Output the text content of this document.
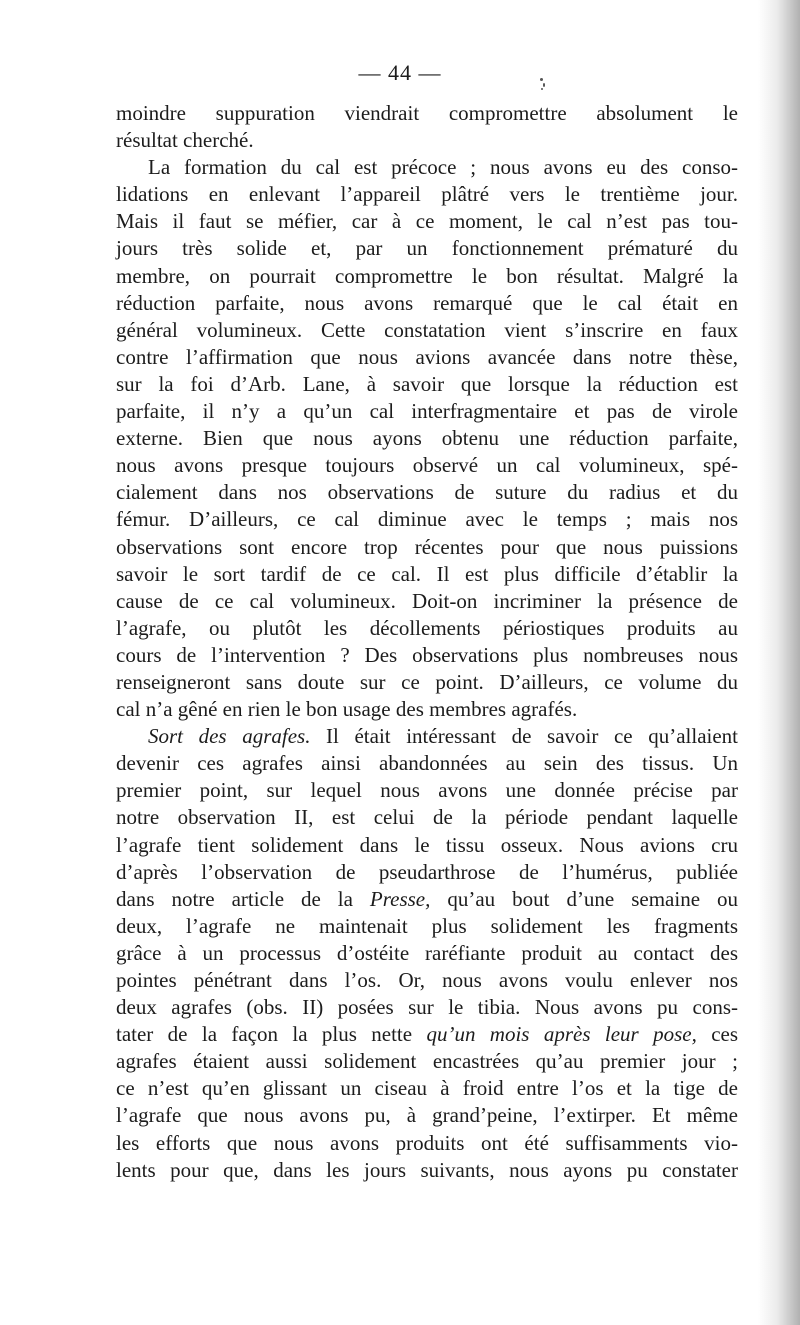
— 44 —
moindre suppuration viendrait compromettre absolument le
résultat cherché.
La formation du cal est précoce ; nous avons eu des conso-
lidations en enlevant l’appareil plâtré vers le trentième jour.
Mais il faut se méfier, car à ce moment, le cal n’est pas tou-
jours très solide et, par un fonctionnement prématuré du
membre, on pourrait compromettre le bon résultat. Malgré la
réduction parfaite, nous avons remarqué que le cal était en
général volumineux. Cette constatation vient s’inscrire en faux
contre l’affirmation que nous avions avancée dans notre thèse,
sur la foi d’Arb. Lane, à savoir que lorsque la réduction est
parfaite, il n’y a qu’un cal interfragmentaire et pas de virole
externe. Bien que nous ayons obtenu une réduction parfaite,
nous avons presque toujours observé un cal volumineux, spé-
cialement dans nos observations de suture du radius et du
fémur. D’ailleurs, ce cal diminue avec le temps ; mais nos
observations sont encore trop récentes pour que nous puissions
savoir le sort tardif de ce cal. Il est plus difficile d’établir la
cause de ce cal volumineux. Doit-on incriminer la présence de
l’agrafe, ou plutôt les décollements périostiques produits au
cours de l’intervention ? Des observations plus nombreuses nous
renseigneront sans doute sur ce point. D’ailleurs, ce volume du
cal n’a gêné en rien le bon usage des membres agrafés.
Sort des agrafes. Il était intéressant de savoir ce qu’allaient
devenir ces agrafes ainsi abandonnées au sein des tissus. Un
premier point, sur lequel nous avons une donnée précise par
notre observation II, est celui de la période pendant laquelle
l’agrafe tient solidement dans le tissu osseux. Nous avions cru
d’après l’observation de pseudarthrose de l’humérus, publiée
dans notre article de la Presse, qu’au bout d’une semaine ou
deux, l’agrafe ne maintenait plus solidement les fragments
grâce à un processus d’ostéite raréfiante produit au contact des
pointes pénétrant dans l’os. Or, nous avons voulu enlever nos
deux agrafes (obs. II) posées sur le tibia. Nous avons pu cons-
tater de la façon la plus nette qu’un mois après leur pose, ces
agrafes étaient aussi solidement encastrées qu’au premier jour ;
ce n’est qu’en glissant un ciseau à froid entre l’os et la tige de
l’agrafe que nous avons pu, à grand’peine, l’extirper. Et même
les efforts que nous avons produits ont été suffisamments vio-
lents pour que, dans les jours suivants, nous ayons pu constater
